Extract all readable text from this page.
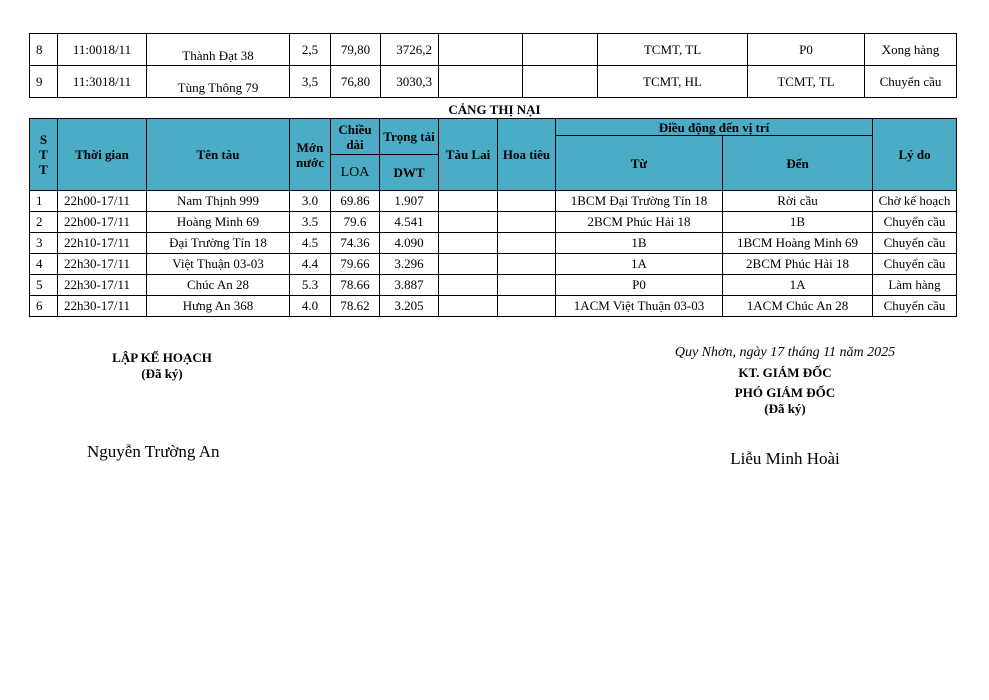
8	11:0018/11	Thành Đạt 38	2,5	79,80	3726,2			TCMT, TL	P0	Xong hàng
9	11:3018/11	Tùng Thông 79	3,5	76,80	3030,3			TCMT, HL	TCMT, TL	Chuyển cầu
CẢNG THỊ NẠI
S T T	Thời gian	Tên tàu	Mớn nước	Chiều dài	Trọng tải	Tàu Lai	Hoa tiêu	Điều động đến vị trí		Lý do
								Từ	Đến	
				LOA	DWT					
1	22h00-17/11	Nam Thịnh 999	3.0	69.86	1.907			1BCM Đại Trường Tín 18	Rời cầu	Chờ kế hoạch
2	22h00-17/11	Hoàng Minh 69	3.5	79.6	4.541			2BCM Phúc Hải 18	1B	Chuyển cầu
3	22h10-17/11	Đại Trường Tín 18	4.5	74.36	4.090			1B	1BCM Hoàng Minh 69	Chuyển cầu
4	22h30-17/11	Việt Thuận 03-03	4.4	79.66	3.296			1A	2BCM Phúc Hải 18	Chuyển cầu
5	22h30-17/11	Chúc An 28	5.3	78.66	3.887			P0	1A	Làm hàng
6	22h30-17/11	Hưng An 368	4.0	78.62	3.205			1ACM Việt Thuận 03-03	1ACM Chúc An 28	Chuyển cầu
LẬP KẾ HOẠCH
(Đã ký)
Nguyễn Trường An
Quy Nhơn, ngày 17 tháng 11 năm 2025
KT. GIÁM ĐỐC
PHÓ GIÁM ĐỐC
(Đã ký)
Liễu Minh Hoài
